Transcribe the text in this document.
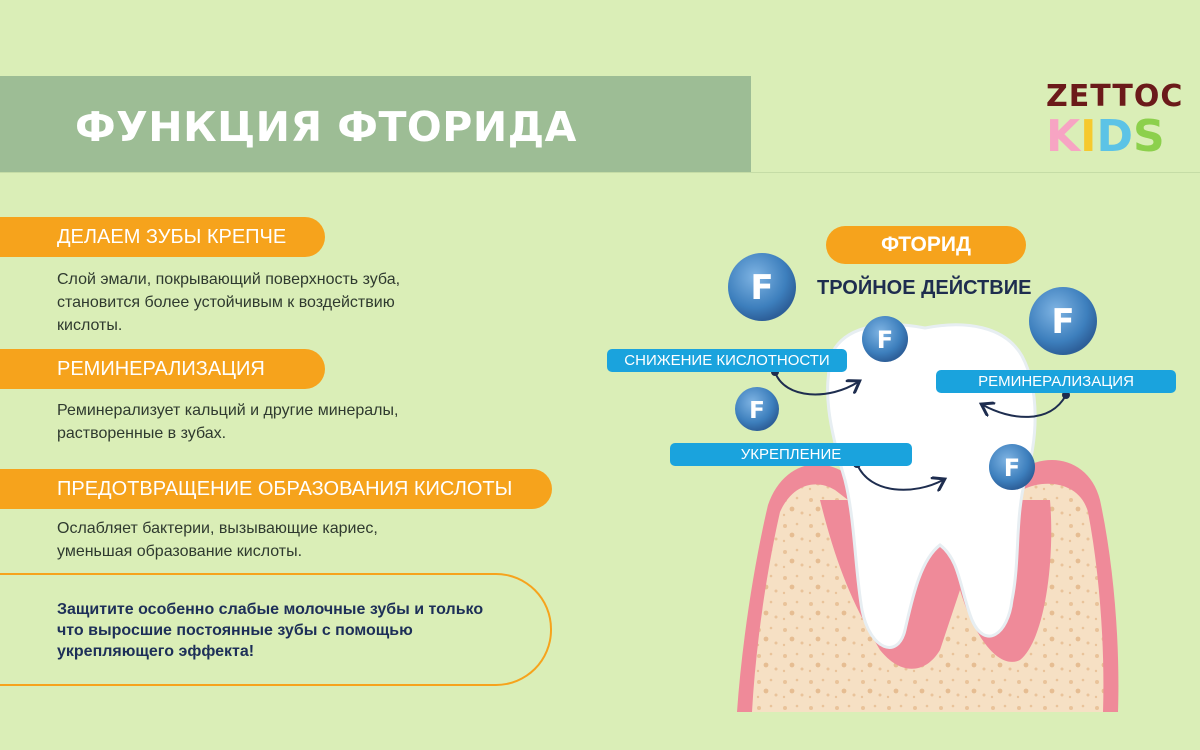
ФУНКЦИЯ ФТОРИДА
ZETTOC
KIDS
ДЕЛАЕМ ЗУБЫ КРЕПЧЕ
Слой эмали, покрывающий поверхность зуба,
становится более устойчивым к воздействию
кислоты.
РЕМИНЕРАЛИЗАЦИЯ
Реминерализует кальций и другие минералы,
растворенные в зубах.
ПРЕДОТВРАЩЕНИЕ ОБРАЗОВАНИЯ КИСЛОТЫ
Ослабляет бактерии, вызывающие кариес,
уменьшая образование кислоты.

Защитите особенно слабые молочные зубы и только
что выросшие постоянные зубы с помощью
укрепляющего эффекта!

F
F
F
F
F
ФТОРИД
ТРОЙНОЕ ДЕЙСТВИЕ
СНИЖЕНИЕ КИСЛОТНОСТИ
РЕМИНЕРАЛИЗАЦИЯ
УКРЕПЛЕНИЕ
